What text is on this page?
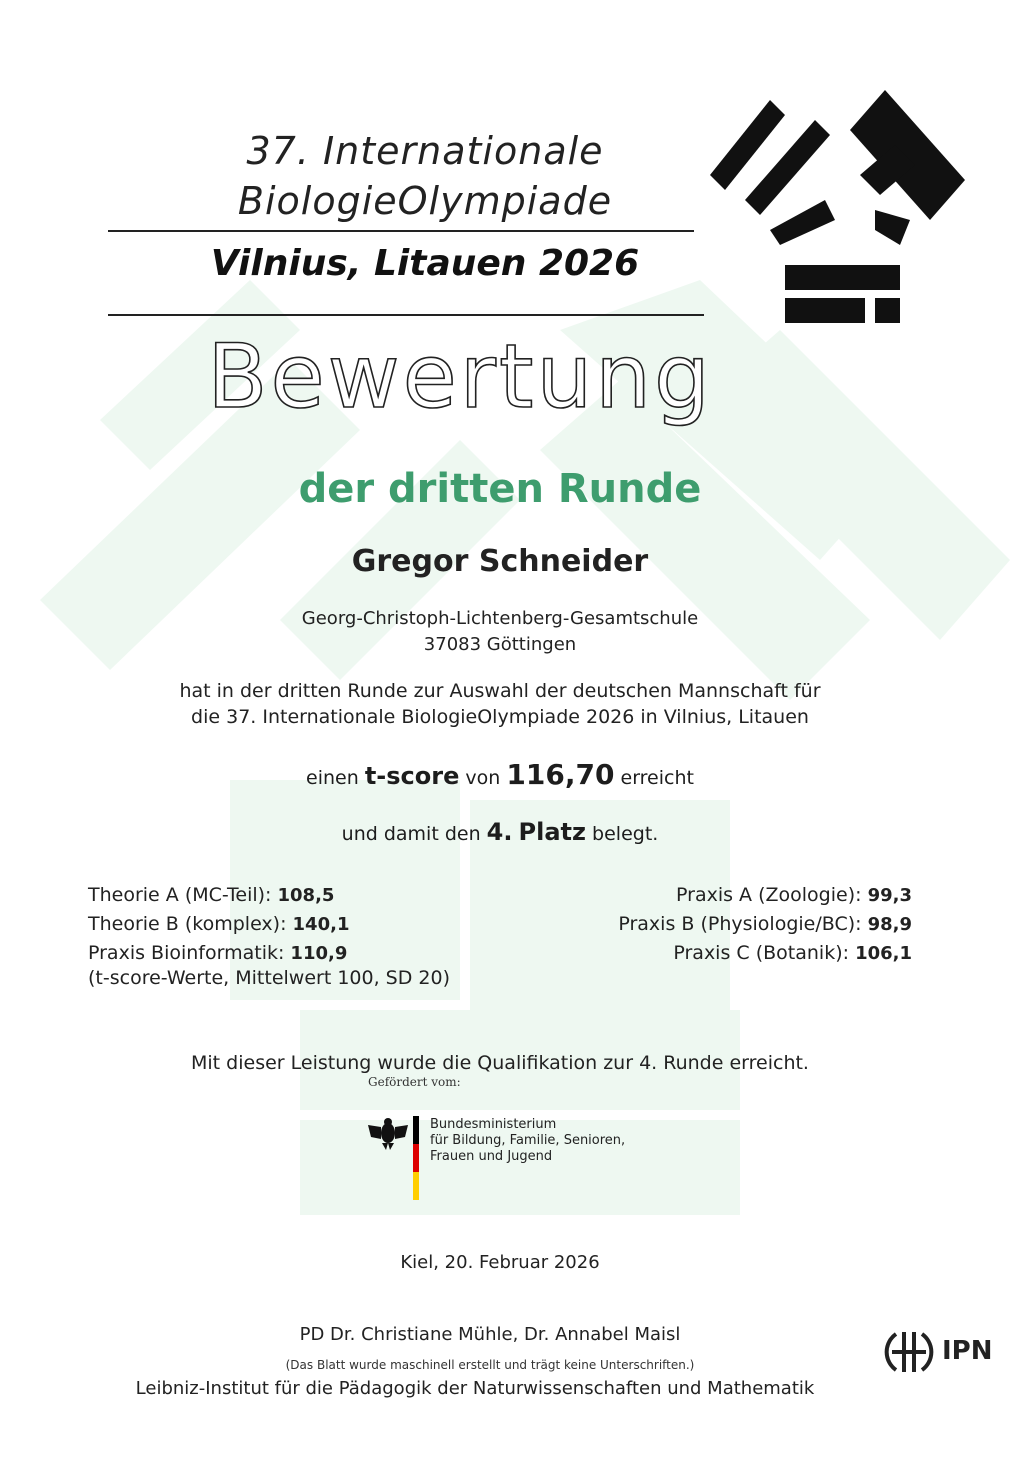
37. Internationale
BiologieOlympiade
Vilnius, Litauen 2026
Bewertung
der dritten Runde
Gregor Schneider
Georg-Christoph-Lichtenberg-Gesamtschule
37083 Göttingen
hat in der dritten Runde zur Auswahl der deutschen Mannschaft für
die 37. Internationale BiologieOlympiade 2026 in Vilnius, Litauen
einen t-score von 116,70 erreicht
und damit den 4. Platz belegt.
Theorie A (MC-Teil): 108,5
Theorie B (komplex): 140,1
Praxis Bioinformatik: 110,9
(t-score-Werte, Mittelwert 100, SD 20)
Praxis A (Zoologie): 99,3
Praxis B (Physiologie/BC): 98,9
Praxis C (Botanik): 106,1
Mit dieser Leistung wurde die Qualifikation zur 4. Runde erreicht.
Gefördert vom:
Bundesministerium
für Bildung, Familie, Senioren,
Frauen und Jugend
Kiel, 20. Februar 2026
PD Dr. Christiane Mühle, Dr. Annabel Maisl
(Das Blatt wurde maschinell erstellt und trägt keine Unterschriften.)
Leibniz-Institut für die Pädagogik der Naturwissenschaften und Mathematik
IPN
